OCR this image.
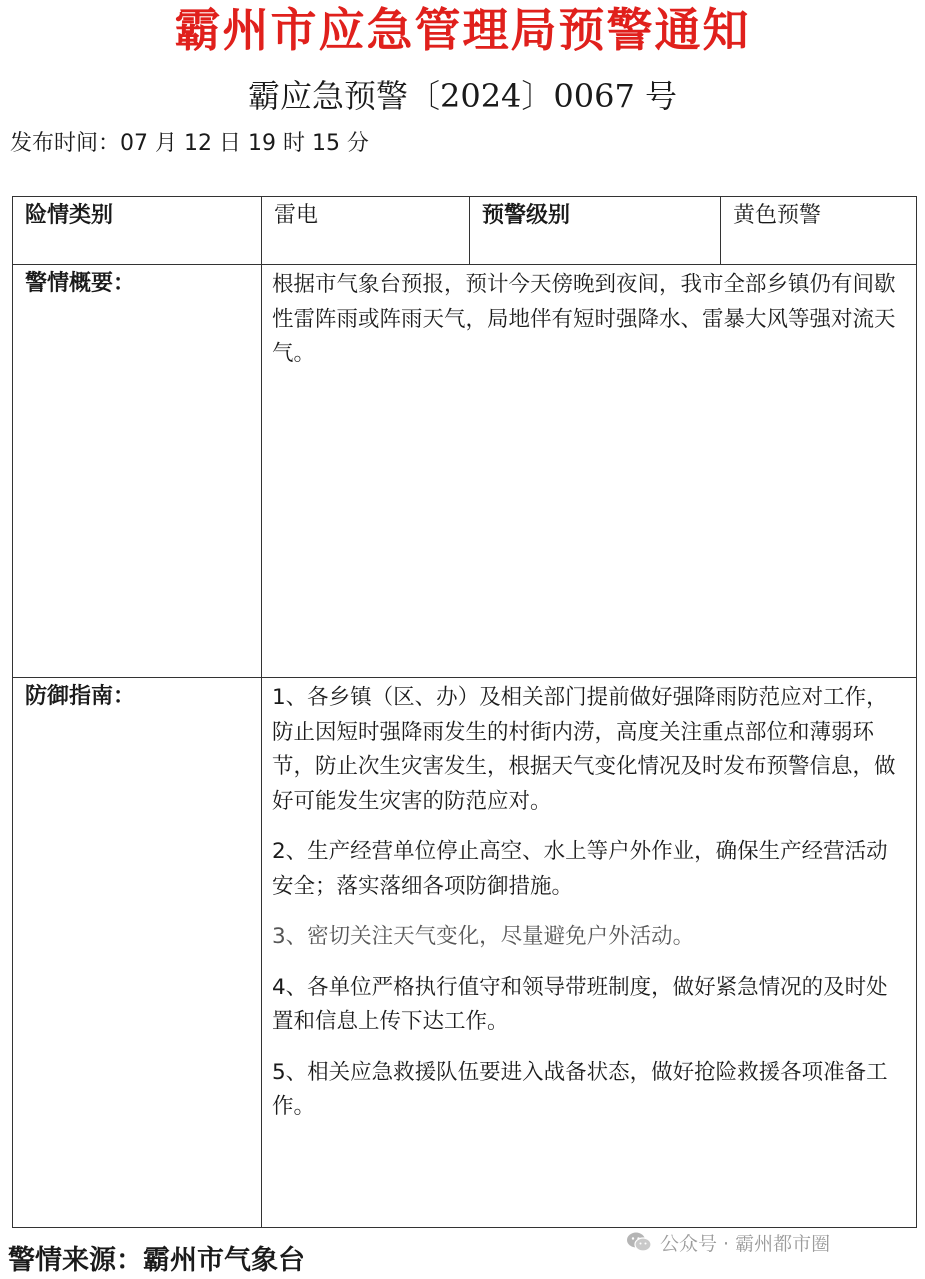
霸州市应急管理局预警通知
霸应急预警〔2024〕0067 号
发布时间：07 月 12 日 19 时 15 分
险情类别	雷电	预警级别	黄色预警

警情概要：	根据市气象台预报，预计今天傍晚到夜间，我市全部乡镇仍有间歇性雷阵雨或阵雨天气，局地伴有短时强降水、雷暴大风等强对流天气。		

防御指南：	1、各乡镇（区、办）及相关部门提前做好强降雨防范应对工作，防止因短时强降雨发生的村街内涝，高度关注重点部位和薄弱环节，防止次生灾害发生，根据天气变化情况及时发布预警信息，做好可能发生灾害的防范应对。

2、生产经营单位停止高空、水上等户外作业，确保生产经营活动安全；落实落细各项防御措施。

3、密切关注天气变化，尽量避免户外活动。

4、各单位严格执行值守和领导带班制度，做好紧急情况的及时处置和信息上传下达工作。

5、相关应急救援队伍要进入战备状态，做好抢险救援各项准备工作。		

公众号 · 霸州都市圈
警情来源：霸州市气象台
